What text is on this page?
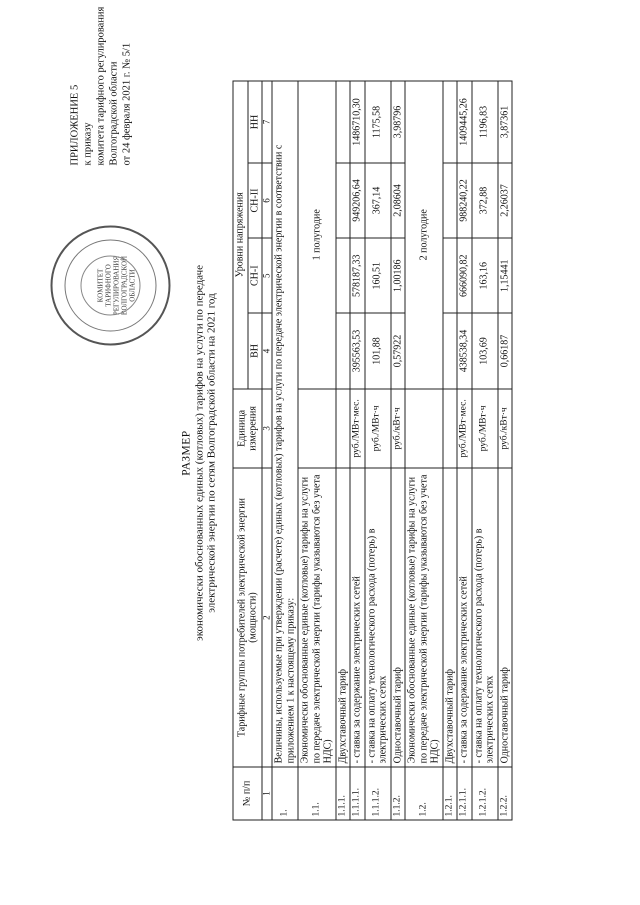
КОМИТЕТ ТАРИФНОГО РЕГУЛИРОВАНИЯ ВОЛГОГРАДСКОЙ ОБЛАСТИ
ПРИЛОЖЕНИЕ 5 к приказу комитета тарифного регулирования Волгоградской области от 24 февраля 2021 г. № 5/1
РАЗМЕР экономически обоснованных единых (котловых) тарифов на услуги по передаче электрической энергии по сетям Волгоградской области на 2021 год
№ п/п	Тарифные группы потребителей электрической энергии (мощности)	Единица измерения	Уровни напряжения			
			ВН	СН-I	СН-II	НН
1	2	3	4	5	6	7
1.	Величины, используемые при утверждении (расчете) единых (котловых) тарифов на услуги по передаче электрической энергии в соответствии с приложением 1 к настоящему приказу:					
1.1.	Экономически обоснованные единые (котловые) тарифы на услуги по передаче электрической энергии (тарифы указываются без учета НДС)		1 полугодие			
1.1.1.	Двухставочный тариф					
1.1.1.1.	- ставка за содержание электрических сетей	руб./МВт·мес.	395563,53	578187,33	949206,64	1486710,30
1.1.1.2.	- ставка на оплату технологического расхода (потерь) в электрических сетях	руб./МВт·ч	101,88	160,51	367,14	1175,58
1.1.2.	Одноставочный тариф	руб./кВт·ч	0,57922	1,00186	2,08604	3,98796
1.2.	Экономически обоснованные единые (котловые) тарифы на услуги по передаче электрической энергии (тарифы указываются без учета НДС)		2 полугодие			
1.2.1.	Двухставочный тариф					
1.2.1.1.	- ставка за содержание электрических сетей	руб./МВт·мес.	438538,34	666090,82	988240,22	1409445,26
1.2.1.2.	- ставка на оплату технологического расхода (потерь) в электрических сетях	руб./МВт·ч	103,69	163,16	372,88	1196,83
1.2.2.	Одноставочный тариф	руб./кВт·ч	0,66187	1,15441	2,26037	3,87361
